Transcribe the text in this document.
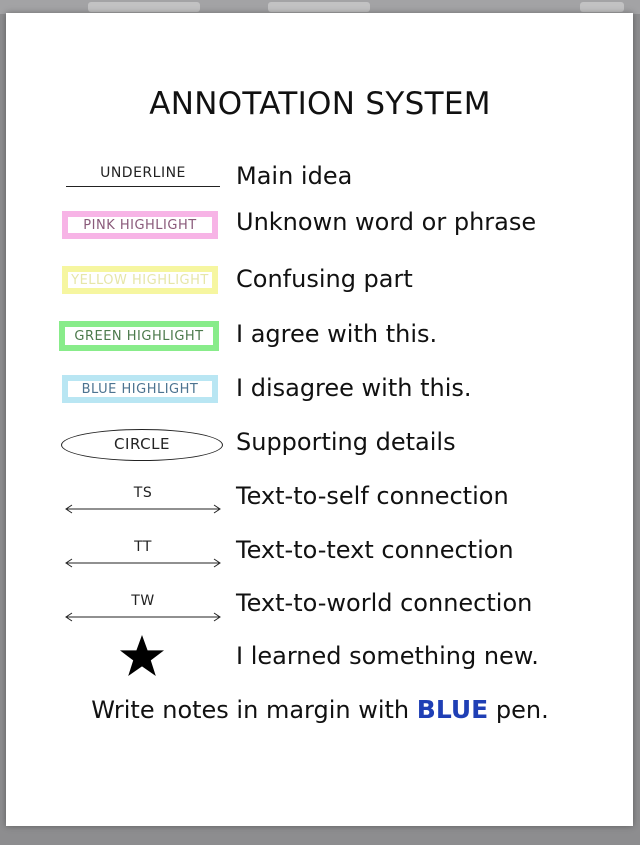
ANNOTATION SYSTEM
UNDERLINE	Main idea
PINK HIGHLIGHT	Unknown word or phrase
YELLOW HIGHLIGHT	Confusing part
GREEN HIGHLIGHT	I agree with this.
BLUE HIGHLIGHT	I disagree with this.
CIRCLE	Supporting details
TS	Text-to-self connection
TT	Text-to-text connection
TW	Text-to-world connection
I learned something new.
Write notes in margin with BLUE pen.
